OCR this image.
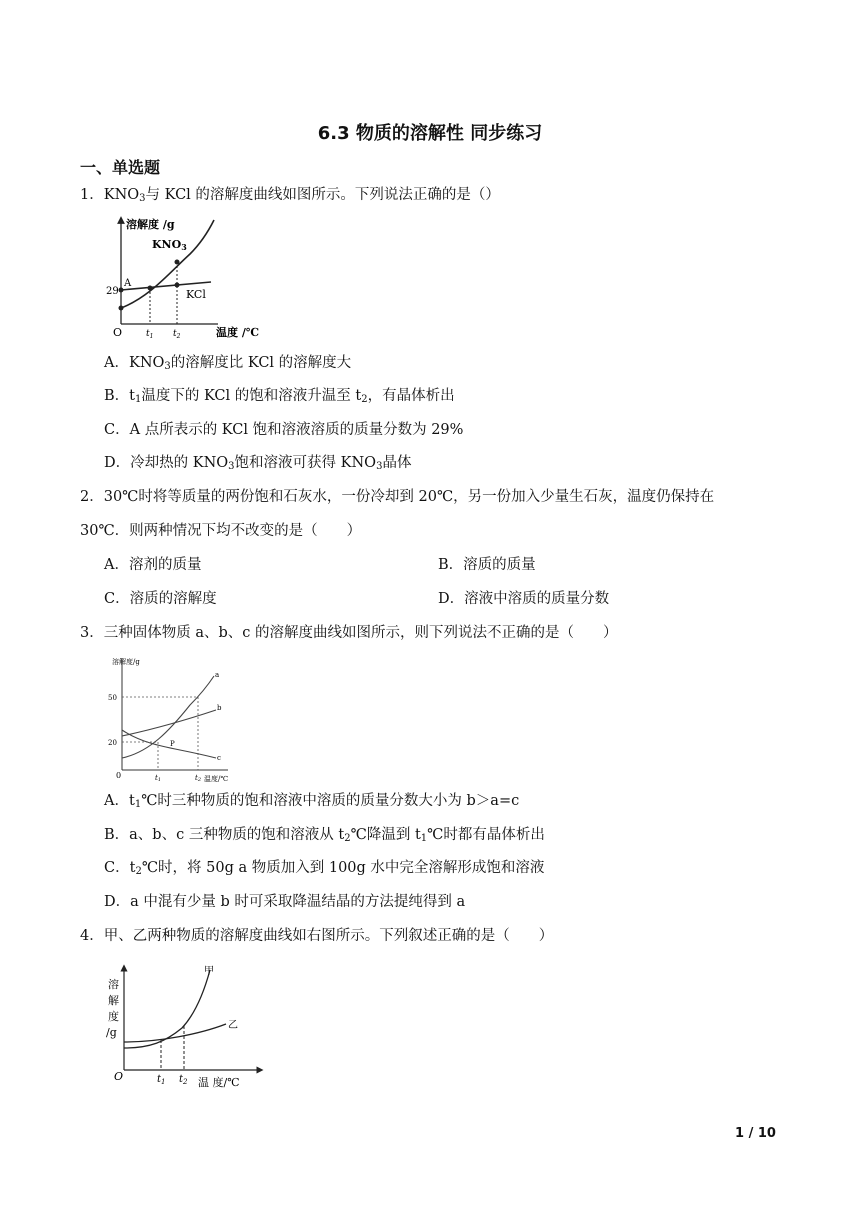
6.3 物质的溶解性 同步练习
一、单选题
1．$KNO_3$与 KCl 的溶解度曲线如图所示。下列说法正确的是（）
溶解度 /g
温度 /℃
KNO3
KCl
A
29
O	$t_1$ $t_2$
A．$KNO_3$的溶解度比 KCl 的溶解度大
B．$t_1$温度下的 KCl 的饱和溶液升温至 $t_2$，有晶体析出
C．A 点所表示的 KCl 饱和溶液溶质的质量分数为 29%
D．冷却热的 $KNO_3$饱和溶液可获得 $KNO_3$晶体
2．30℃时将等质量的两份饱和石灰水，一份冷却到 20℃，另一份加入少量生石灰，温度仍保持在
30℃．则两种情况下均不改变的是（　　）
A．溶剂的质量	B．溶质的质量
C．溶质的溶解度	D．溶液中溶质的质量分数
3．三种固体物质 a、b、c 的溶解度曲线如图所示，则下列说法不正确的是（　　）
溶解度/g
温度/℃
50
20
0
a
b
c
P
t1	t2
A．$t_1℃$时三种物质的饱和溶液中溶质的质量分数大小为 b＞a=c
B．a、b、c 三种物质的饱和溶液从 $t_2℃$降温到 $t_1℃$时都有晶体析出
C．$t_2℃$时，将 50g a 物质加入到 100g 水中完全溶解形成饱和溶液
D．a 中混有少量 b 时可采取降温结晶的方法提纯得到 a
4．甲、乙两种物质的溶解度曲线如右图所示。下列叙述正确的是（　　）
溶
解
度
/g
温 度/℃
O
甲
乙
$t_1$ $t_2$
1 / 10
